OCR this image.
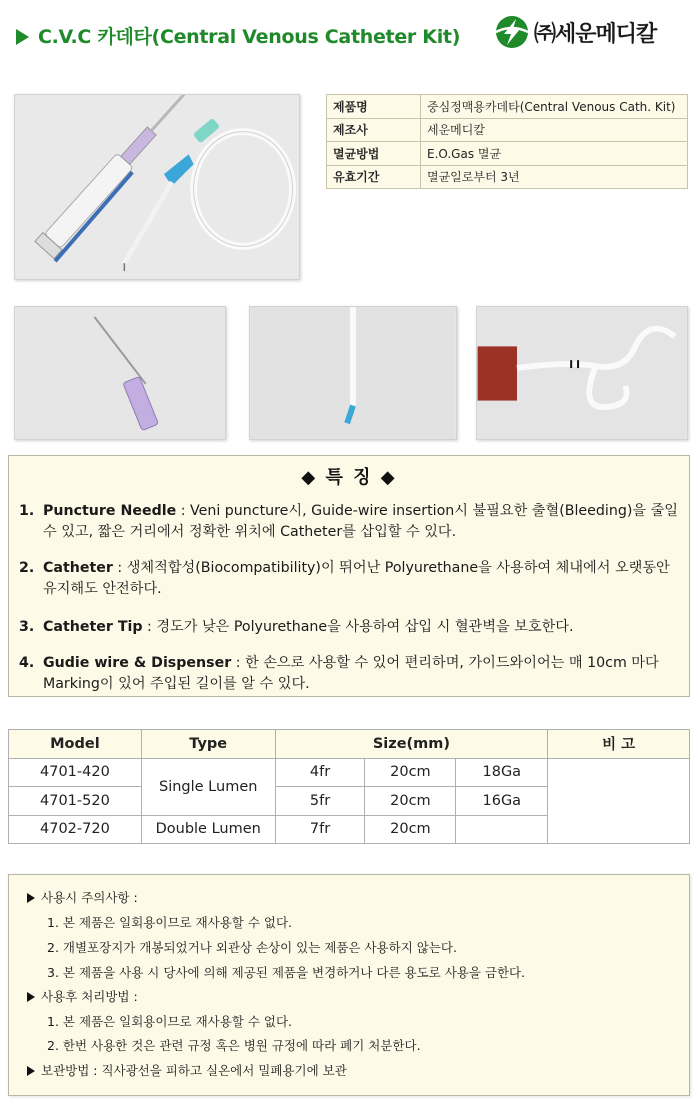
C.V.C 카데타(Central Venous Catheter Kit)	㈜세운메디칼
제품명	중심정맥용카데타(Central Venous Cath. Kit)
제조사	세운메디칼
멸균방법	E.O.Gas 멸균
유효기간	멸균일로부터 3년
◆ 특 징 ◆
1. Puncture Needle : Veni puncture시, Guide-wire insertion시 불필요한 출혈(Bleeding)을 줄일 수 있고, 짧은 거리에서 정확한 위치에 Catheter를 삽입할 수 있다.
2. Catheter : 생체적합성(Biocompatibility)이 뛰어난 Polyurethane을 사용하여 체내에서 오랫동안 유지해도 안전하다.
3. Catheter Tip : 경도가 낮은 Polyurethane을 사용하여 삽입 시 혈관벽을 보호한다.
4. Gudie wire & Dispenser : 한 손으로 사용할 수 있어 편리하며, 가이드와이어는 매 10cm 마다 Marking이 있어 주입된 길이를 알 수 있다.
Model	Type	Size(mm)			비 고
4701-420	Single Lumen	4fr	20cm	18Ga	
4701-520		5fr	20cm	16Ga	
4702-720	Double Lumen	7fr	20cm		
사용시 주의사항 :
1. 본 제품은 일회용이므로 재사용할 수 없다.
2. 개별포장지가 개봉되었거나 외관상 손상이 있는 제품은 사용하지 않는다.
3. 본 제품을 사용 시 당사에 의해 제공된 제품을 변경하거나 다른 용도로 사용을 금한다.
사용후 처리방법 :
1. 본 제품은 일회용이므로 재사용할 수 없다.
2. 한번 사용한 것은 관련 규정 혹은 병원 규정에 따라 폐기 처분한다.
보관방법 : 직사광선을 피하고 실온에서 밀폐용기에 보관
